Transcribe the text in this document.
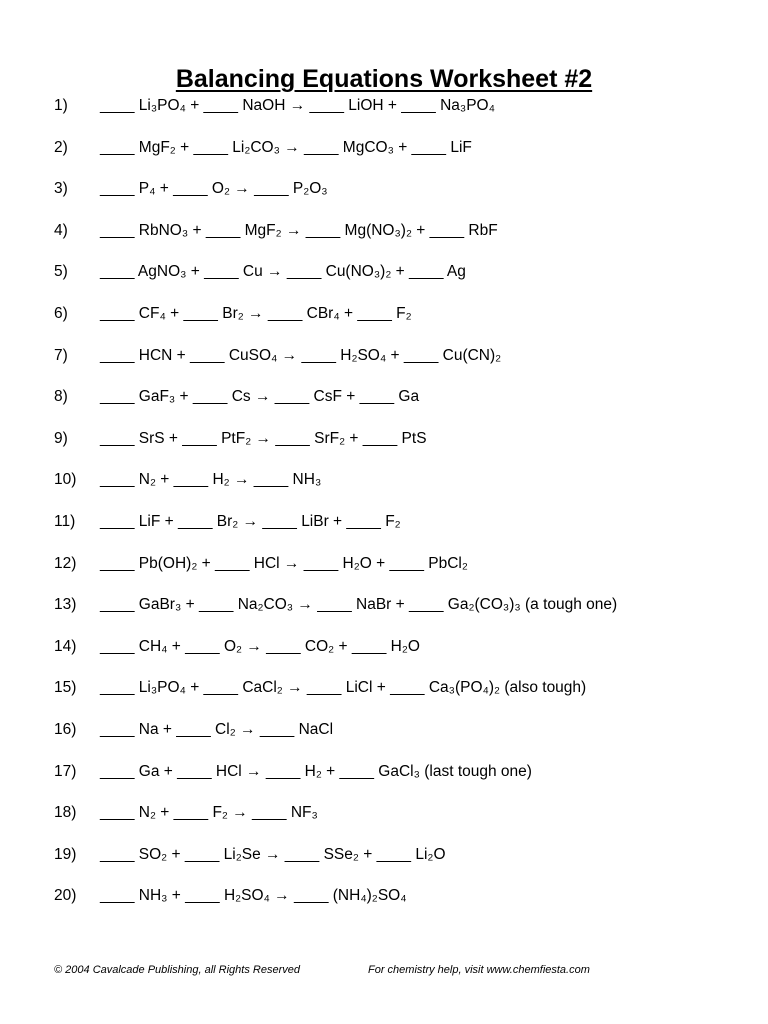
Balancing Equations Worksheet #2
1) ____ Li₃PO₄ + ____ NaOH → ____ LiOH + ____ Na₃PO₄
2) ____ MgF₂ + ____ Li₂CO₃ → ____ MgCO₃ + ____ LiF
3) ____ P₄ + ____ O₂ → ____ P₂O₃
4) ____ RbNO₃ + ____ MgF₂ → ____ Mg(NO₃)₂ + ____ RbF
5) ____ AgNO₃ + ____ Cu → ____ Cu(NO₃)₂ + ____ Ag
6) ____ CF₄ + ____ Br₂ → ____ CBr₄ + ____ F₂
7) ____ HCN + ____ CuSO₄ → ____ H₂SO₄ + ____ Cu(CN)₂
8) ____ GaF₃ + ____ Cs → ____ CsF + ____ Ga
9) ____ SrS + ____ PtF₂ → ____ SrF₂ + ____ PtS
10) ____ N₂ + ____ H₂ → ____ NH₃
11) ____ LiF + ____ Br₂ → ____ LiBr + ____ F₂
12) ____ Pb(OH)₂ + ____ HCl → ____ H₂O + ____ PbCl₂
13) ____ GaBr₃ + ____ Na₂CO₃ → ____ NaBr + ____ Ga₂(CO₃)₃ (a tough one)
14) ____ CH₄ + ____ O₂ → ____ CO₂ + ____ H₂O
15) ____ Li₃PO₄ + ____ CaCl₂ → ____ LiCl + ____ Ca₃(PO₄)₂ (also tough)
16) ____ Na + ____ Cl₂ → ____ NaCl
17) ____ Ga + ____ HCl → ____ H₂ + ____ GaCl₃ (last tough one)
18) ____ N₂ + ____ F₂ → ____ NF₃
19) ____ SO₂ + ____ Li₂Se → ____ SSe₂ + ____ Li₂O
20) ____ NH₃ + ____ H₂SO₄ → ____ (NH₄)₂SO₄
© 2004 Cavalcade Publishing, all Rights Reserved	For chemistry help, visit www.chemfiesta.com
